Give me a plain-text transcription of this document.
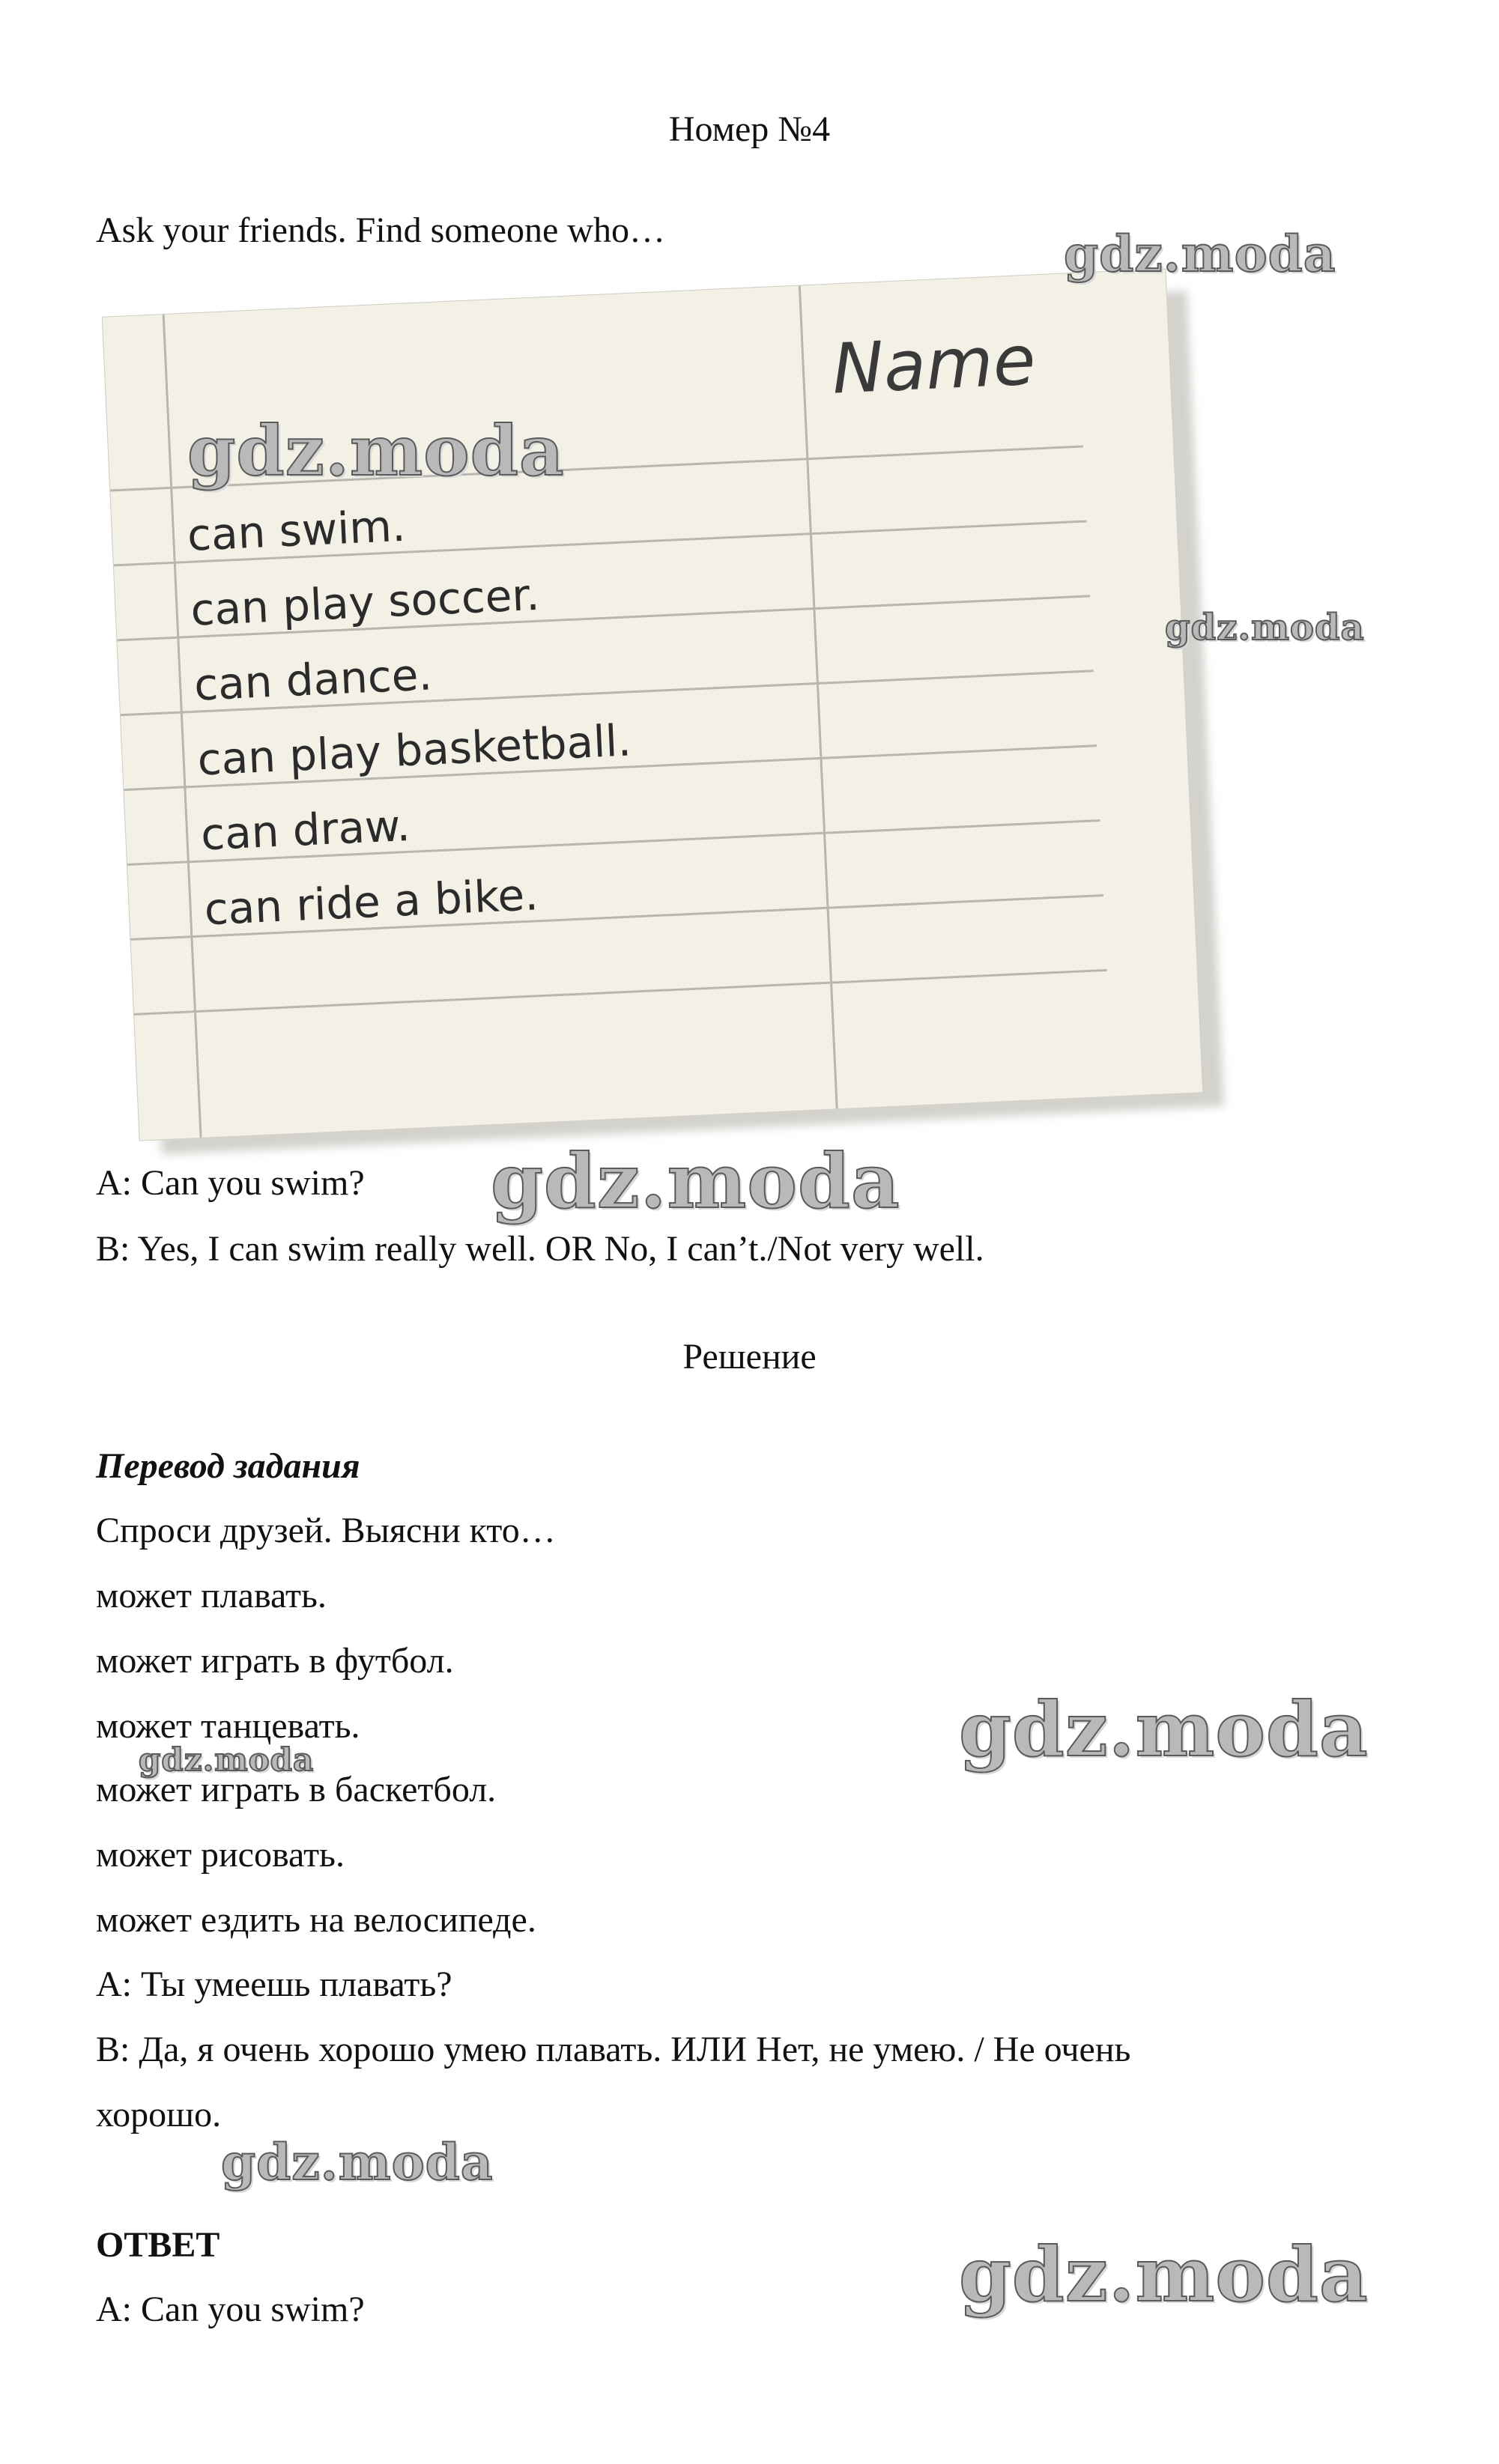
Номер №4
Ask your friends. Find someone who…
Name
can swim.
can play soccer.
can dance.
can play basketball.
can draw.
can ride a bike.
A: Can you swim?
B: Yes, I can swim really well. OR No, I can’t./Not very well.
Решение
Перевод задания
Спроси друзей. Выясни кто…
может плавать.
может играть в футбол.
может танцевать.
может играть в баскетбол.
может рисовать.
может ездить на велосипеде.
A: Ты умеешь плавать?
B: Да, я очень хорошо умею плавать. ИЛИ Нет, не умею. / Не очень
хорошо.
ОТВЕТ
A: Can you swim?
gdz.moda
gdz.moda
gdz.moda
gdz.moda
gdz.moda
gdz.moda
gdz.moda
gdz.moda
